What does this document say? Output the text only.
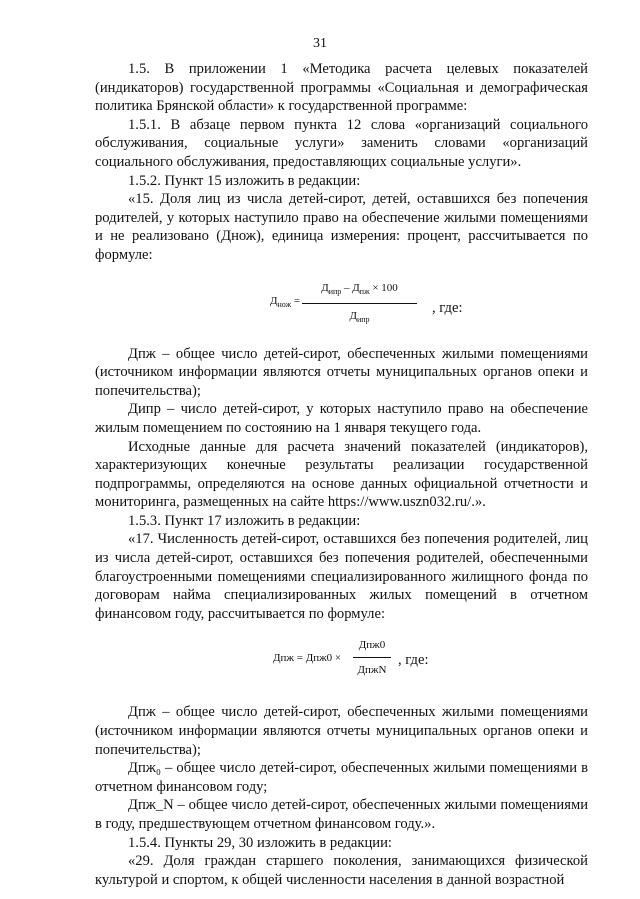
31

1.5. В приложении 1 «Методика расчета целевых показателей (индикаторов) государственной программы «Социальная и демографическая политика Брянской области» к государственной программе:

1.5.1. В абзаце первом пункта 12 слова «организаций социального обслуживания, социальные услуги» заменить словами «организаций социального обслуживания, предоставляющих социальные услуги».

1.5.2. Пункт 15 изложить в редакции:

«15. Доля лиц из числа детей-сирот, детей, оставшихся без попечения родителей, у которых наступило право на обеспечение жилыми помещениями и не реализовано (Днож), единица измерения: процент, рассчитывается по формуле:

$Д_{нож}$ =
$Д_{ипр} - Д_{пж} \times 100$
$Д_{ипр}$
, где:

Дпж – общее число детей-сирот, обеспеченных жилыми помещениями (источником информации являются отчеты муниципальных органов опеки и попечительства);

Дипр – число детей-сирот, у которых наступило право на обеспечение жилым помещением по состоянию на 1 января текущего года.

Исходные данные для расчета значений показателей (индикаторов), характеризующих конечные результаты реализации государственной подпрограммы, определяются на основе данных официальной отчетности и мониторинга, размещенных на сайте https://www.uszn032.ru/.».

1.5.3. Пункт 17 изложить в редакции:

«17. Численность детей-сирот, оставшихся без попечения родителей, лиц из числа детей-сирот, оставшихся без попечения родителей, обеспеченными благоустроенными помещениями специализированного жилищного фонда по договорам найма специализированных жилых помещений в отчетном финансовом году, рассчитывается по формуле:

Дпж = Дпж0 ×
Дпж0
ДпжN
, где:

Дпж – общее число детей-сирот, обеспеченных жилыми помещениями (источником информации являются отчеты муниципальных органов опеки и попечительства);

Дпж₀ – общее число детей-сирот, обеспеченных жилыми помещениями в отчетном финансовом году;

Дпж_N – общее число детей-сирот, обеспеченных жилыми помещениями в году, предшествующем отчетном финансовом году.».

1.5.4. Пункты 29, 30 изложить в редакции:

«29. Доля граждан старшего поколения, занимающихся физической культурой и спортом, к общей численности населения в данной возрастной
